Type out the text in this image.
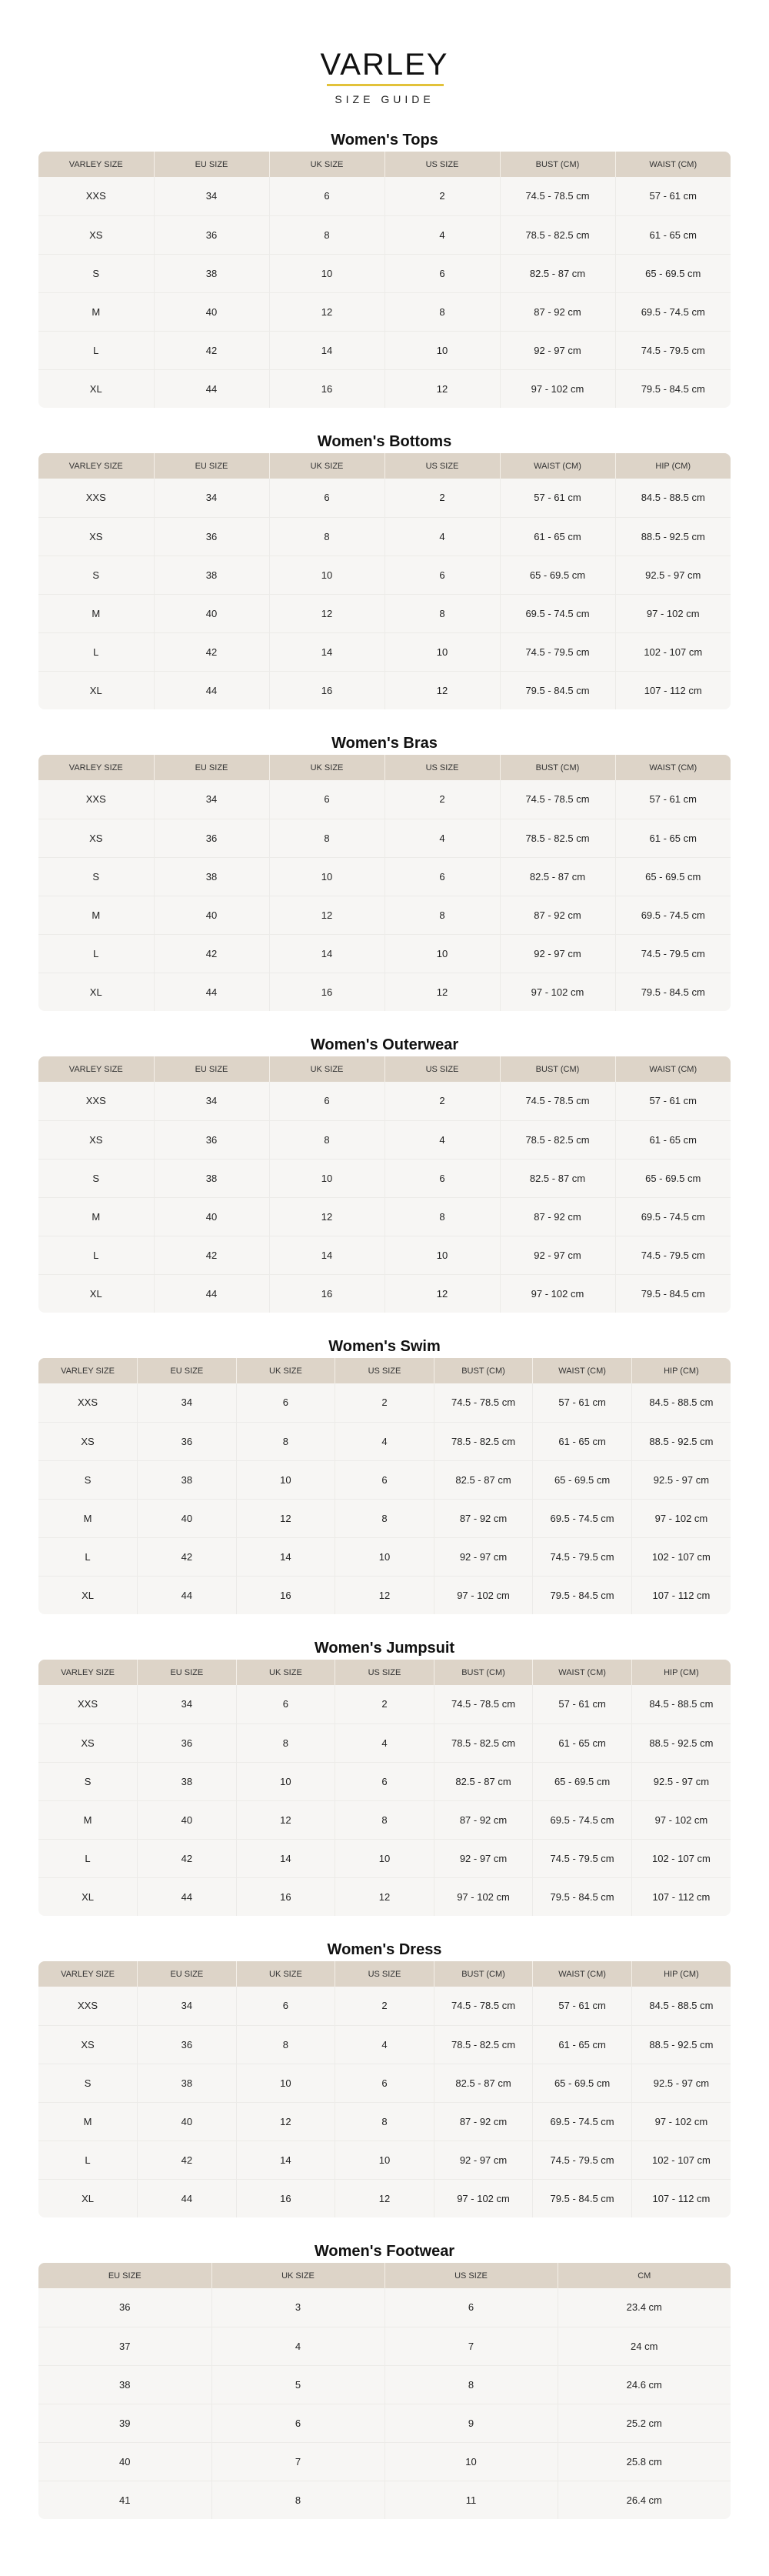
VARLEY
SIZE GUIDE
Women's Tops
VARLEY SIZE	EU SIZE	UK SIZE	US SIZE	BUST (CM)	WAIST (CM)
XXS	34	6	2	74.5 - 78.5 cm	57 - 61 cm
XS	36	8	4	78.5 - 82.5 cm	61 - 65 cm
S	38	10	6	82.5 - 87 cm	65 - 69.5 cm
M	40	12	8	87 - 92 cm	69.5 - 74.5 cm
L	42	14	10	92 - 97 cm	74.5 - 79.5 cm
XL	44	16	12	97 - 102 cm	79.5 - 84.5 cm
Women's Bottoms
VARLEY SIZE	EU SIZE	UK SIZE	US SIZE	WAIST (CM)	HIP (CM)
XXS	34	6	2	57 - 61 cm	84.5 - 88.5 cm
XS	36	8	4	61 - 65 cm	88.5 - 92.5 cm
S	38	10	6	65 - 69.5 cm	92.5 - 97 cm
M	40	12	8	69.5 - 74.5 cm	97 - 102 cm
L	42	14	10	74.5 - 79.5 cm	102 - 107 cm
XL	44	16	12	79.5 - 84.5 cm	107 - 112 cm
Women's Bras
VARLEY SIZE	EU SIZE	UK SIZE	US SIZE	BUST (CM)	WAIST (CM)
XXS	34	6	2	74.5 - 78.5 cm	57 - 61 cm
XS	36	8	4	78.5 - 82.5 cm	61 - 65 cm
S	38	10	6	82.5 - 87 cm	65 - 69.5 cm
M	40	12	8	87 - 92 cm	69.5 - 74.5 cm
L	42	14	10	92 - 97 cm	74.5 - 79.5 cm
XL	44	16	12	97 - 102 cm	79.5 - 84.5 cm
Women's Outerwear
VARLEY SIZE	EU SIZE	UK SIZE	US SIZE	BUST (CM)	WAIST (CM)
XXS	34	6	2	74.5 - 78.5 cm	57 - 61 cm
XS	36	8	4	78.5 - 82.5 cm	61 - 65 cm
S	38	10	6	82.5 - 87 cm	65 - 69.5 cm
M	40	12	8	87 - 92 cm	69.5 - 74.5 cm
L	42	14	10	92 - 97 cm	74.5 - 79.5 cm
XL	44	16	12	97 - 102 cm	79.5 - 84.5 cm
Women's Swim
VARLEY SIZE	EU SIZE	UK SIZE	US SIZE	BUST (CM)	WAIST (CM)	HIP (CM)
XXS	34	6	2	74.5 - 78.5 cm	57 - 61 cm	84.5 - 88.5 cm
XS	36	8	4	78.5 - 82.5 cm	61 - 65 cm	88.5 - 92.5 cm
S	38	10	6	82.5 - 87 cm	65 - 69.5 cm	92.5 - 97 cm
M	40	12	8	87 - 92 cm	69.5 - 74.5 cm	97 - 102 cm
L	42	14	10	92 - 97 cm	74.5 - 79.5 cm	102 - 107 cm
XL	44	16	12	97 - 102 cm	79.5 - 84.5 cm	107 - 112 cm
Women's Jumpsuit
VARLEY SIZE	EU SIZE	UK SIZE	US SIZE	BUST (CM)	WAIST (CM)	HIP (CM)
XXS	34	6	2	74.5 - 78.5 cm	57 - 61 cm	84.5 - 88.5 cm
XS	36	8	4	78.5 - 82.5 cm	61 - 65 cm	88.5 - 92.5 cm
S	38	10	6	82.5 - 87 cm	65 - 69.5 cm	92.5 - 97 cm
M	40	12	8	87 - 92 cm	69.5 - 74.5 cm	97 - 102 cm
L	42	14	10	92 - 97 cm	74.5 - 79.5 cm	102 - 107 cm
XL	44	16	12	97 - 102 cm	79.5 - 84.5 cm	107 - 112 cm
Women's Dress
VARLEY SIZE	EU SIZE	UK SIZE	US SIZE	BUST (CM)	WAIST (CM)	HIP (CM)
XXS	34	6	2	74.5 - 78.5 cm	57 - 61 cm	84.5 - 88.5 cm
XS	36	8	4	78.5 - 82.5 cm	61 - 65 cm	88.5 - 92.5 cm
S	38	10	6	82.5 - 87 cm	65 - 69.5 cm	92.5 - 97 cm
M	40	12	8	87 - 92 cm	69.5 - 74.5 cm	97 - 102 cm
L	42	14	10	92 - 97 cm	74.5 - 79.5 cm	102 - 107 cm
XL	44	16	12	97 - 102 cm	79.5 - 84.5 cm	107 - 112 cm
Women's Footwear
EU SIZE	UK SIZE	US SIZE	CM
36	3	6	23.4 cm
37	4	7	24 cm
38	5	8	24.6 cm
39	6	9	25.2 cm
40	7	10	25.8 cm
41	8	11	26.4 cm
